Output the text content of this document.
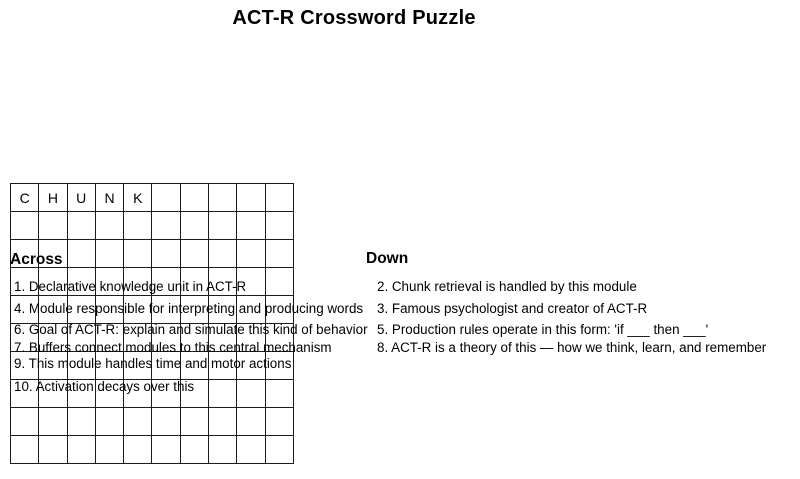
ACT-R Crossword Puzzle
C	H	U	N	K
Across	Down
1. Declarative knowledge unit in ACT-R
4. Module responsible for interpreting and producing words
6. Goal of ACT-R: explain and simulate this kind of behavior
7. Buffers connect modules to this central mechanism
9. This module handles time and motor actions
10. Activation decays over this
2. Chunk retrieval is handled by this module
3. Famous psychologist and creator of ACT-R
5. Production rules operate in this form: 'if ___ then ___'
8. ACT-R is a theory of this — how we think, learn, and remember
